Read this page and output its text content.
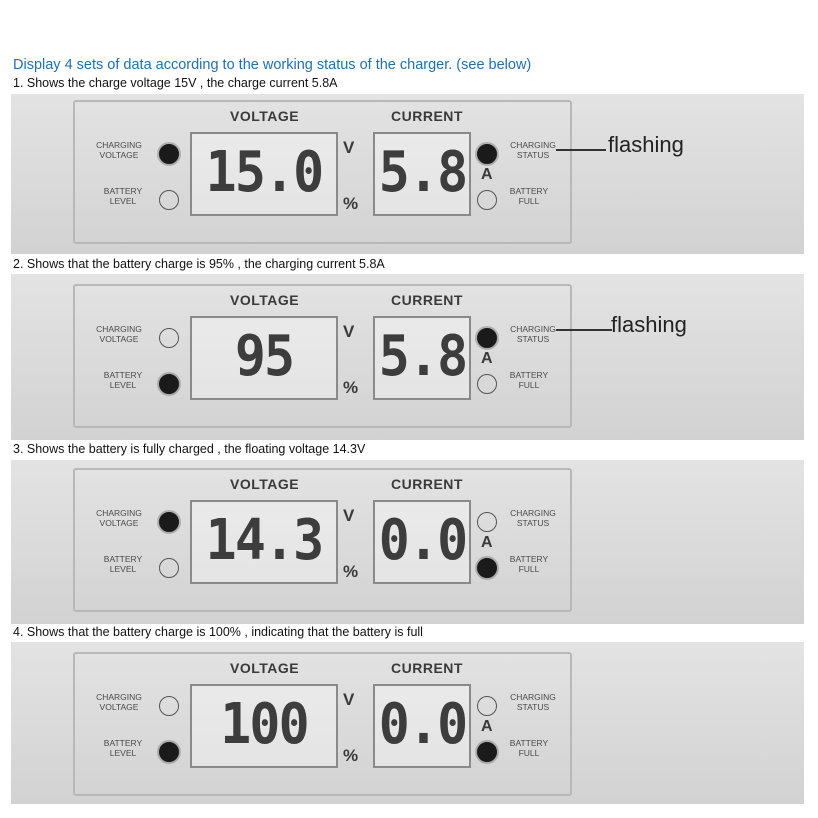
Display 4 sets of data according to the working status of the charger. (see below)
1. Shows the charge voltage 15V , the charge current 5.8A
VOLTAGE	CURRENT
CHARGING VOLTAGE
BATTERY LEVEL
CHARGING STATUS
BATTERY FULL
15.0 5.8
V
%
A
flashing
2. Shows that the battery charge is 95% , the charging current 5.8A
VOLTAGE	CURRENT
CHARGING VOLTAGE
BATTERY LEVEL
CHARGING STATUS
BATTERY FULL
95	5.8
V
%
A
flashing
3. Shows the battery is fully charged , the floating voltage 14.3V
VOLTAGE	CURRENT
CHARGING VOLTAGE
BATTERY LEVEL
CHARGING STATUS
BATTERY FULL
14.3 0.0
V
%
A
4. Shows that the battery charge is 100% , indicating that the battery is full
VOLTAGE	CURRENT
CHARGING VOLTAGE
BATTERY LEVEL
CHARGING STATUS
BATTERY FULL
100	0.0
V
%
A
